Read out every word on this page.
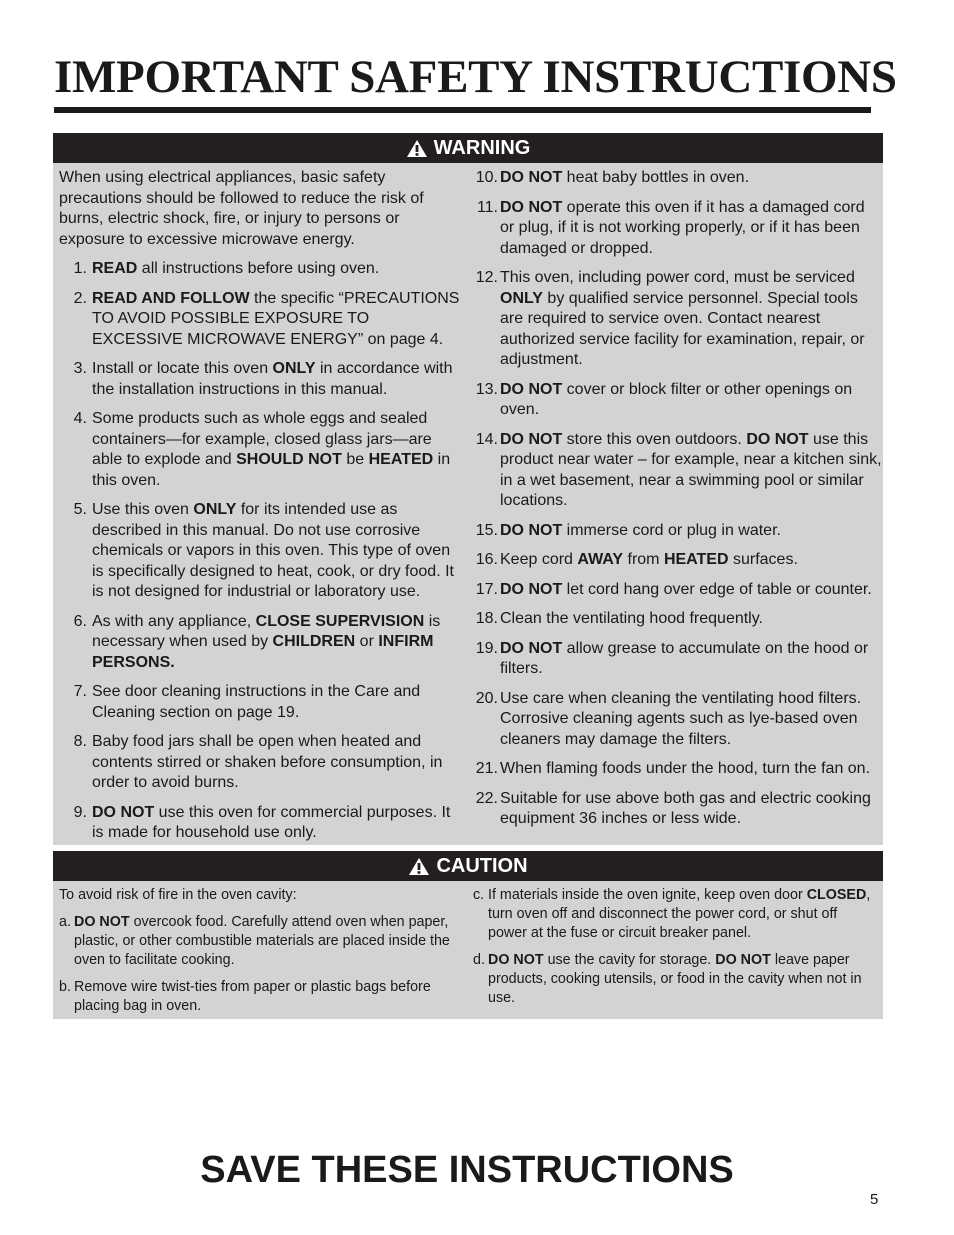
IMPORTANT SAFETY INSTRUCTIONS
WARNING

When using electrical appliances, basic safety precautions should be followed to reduce the risk of burns, electric shock, fire, or injury to persons or exposure to excessive microwave energy.

1. READ all instructions before using oven.
2. READ AND FOLLOW the specific “PRECAUTIONS TO AVOID POSSIBLE EXPOSURE TO EXCESSIVE MICROWAVE ENERGY” on page 4.
3. Install or locate this oven ONLY in accordance with the installation instructions in this manual.
4. Some products such as whole eggs and sealed containers—for example, closed glass jars—are able to explode and SHOULD NOT be HEATED in this oven.
5. Use this oven ONLY for its intended use as described in this manual. Do not use corrosive chemicals or vapors in this oven. This type of oven is specifically designed to heat, cook, or dry food. It is not designed for industrial or laboratory use.
6. As with any appliance, CLOSE SUPERVISION is necessary when used by CHILDREN or INFIRM PERSONS.
7. See door cleaning instructions in the Care and Cleaning section on page 19.
8. Baby food jars shall be open when heated and contents stirred or shaken before consumption, in order to avoid burns.
9. DO NOT use this oven for commercial purposes. It is made for household use only.
10. DO NOT heat baby bottles in oven.
11. DO NOT operate this oven if it has a damaged cord or plug, if it is not working properly, or if it has been damaged or dropped.
12. This oven, including power cord, must be serviced ONLY by qualified service personnel. Special tools are required to service oven. Contact nearest authorized service facility for examination, repair, or adjustment.
13. DO NOT cover or block filter or other openings on oven.
14. DO NOT store this oven outdoors. DO NOT use this product near water – for example, near a kitchen sink, in a wet basement, near a swimming pool or similar locations.
15. DO NOT immerse cord or plug in water.
16. Keep cord AWAY from HEATED surfaces.
17. DO NOT let cord hang over edge of table or counter.
18. Clean the ventilating hood frequently.
19. DO NOT allow grease to accumulate on the hood or filters.
20. Use care when cleaning the ventilating hood filters. Corrosive cleaning agents such as lye-based oven cleaners may damage the filters.
21. When flaming foods under the hood, turn the fan on.
22. Suitable for use above both gas and electric cooking equipment 36 inches or less wide.
CAUTION

To avoid risk of fire in the oven cavity:

a. DO NOT overcook food. Carefully attend oven when paper, plastic, or other combustible materials are placed inside the oven to facilitate cooking.
b. Remove wire twist-ties from paper or plastic bags before placing bag in oven.
c. If materials inside the oven ignite, keep oven door CLOSED, turn oven off and disconnect the power cord, or shut off power at the fuse or circuit breaker panel.
d. DO NOT use the cavity for storage. DO NOT leave paper products, cooking utensils, or food in the cavity when not in use.
SAVE THESE INSTRUCTIONS
5
